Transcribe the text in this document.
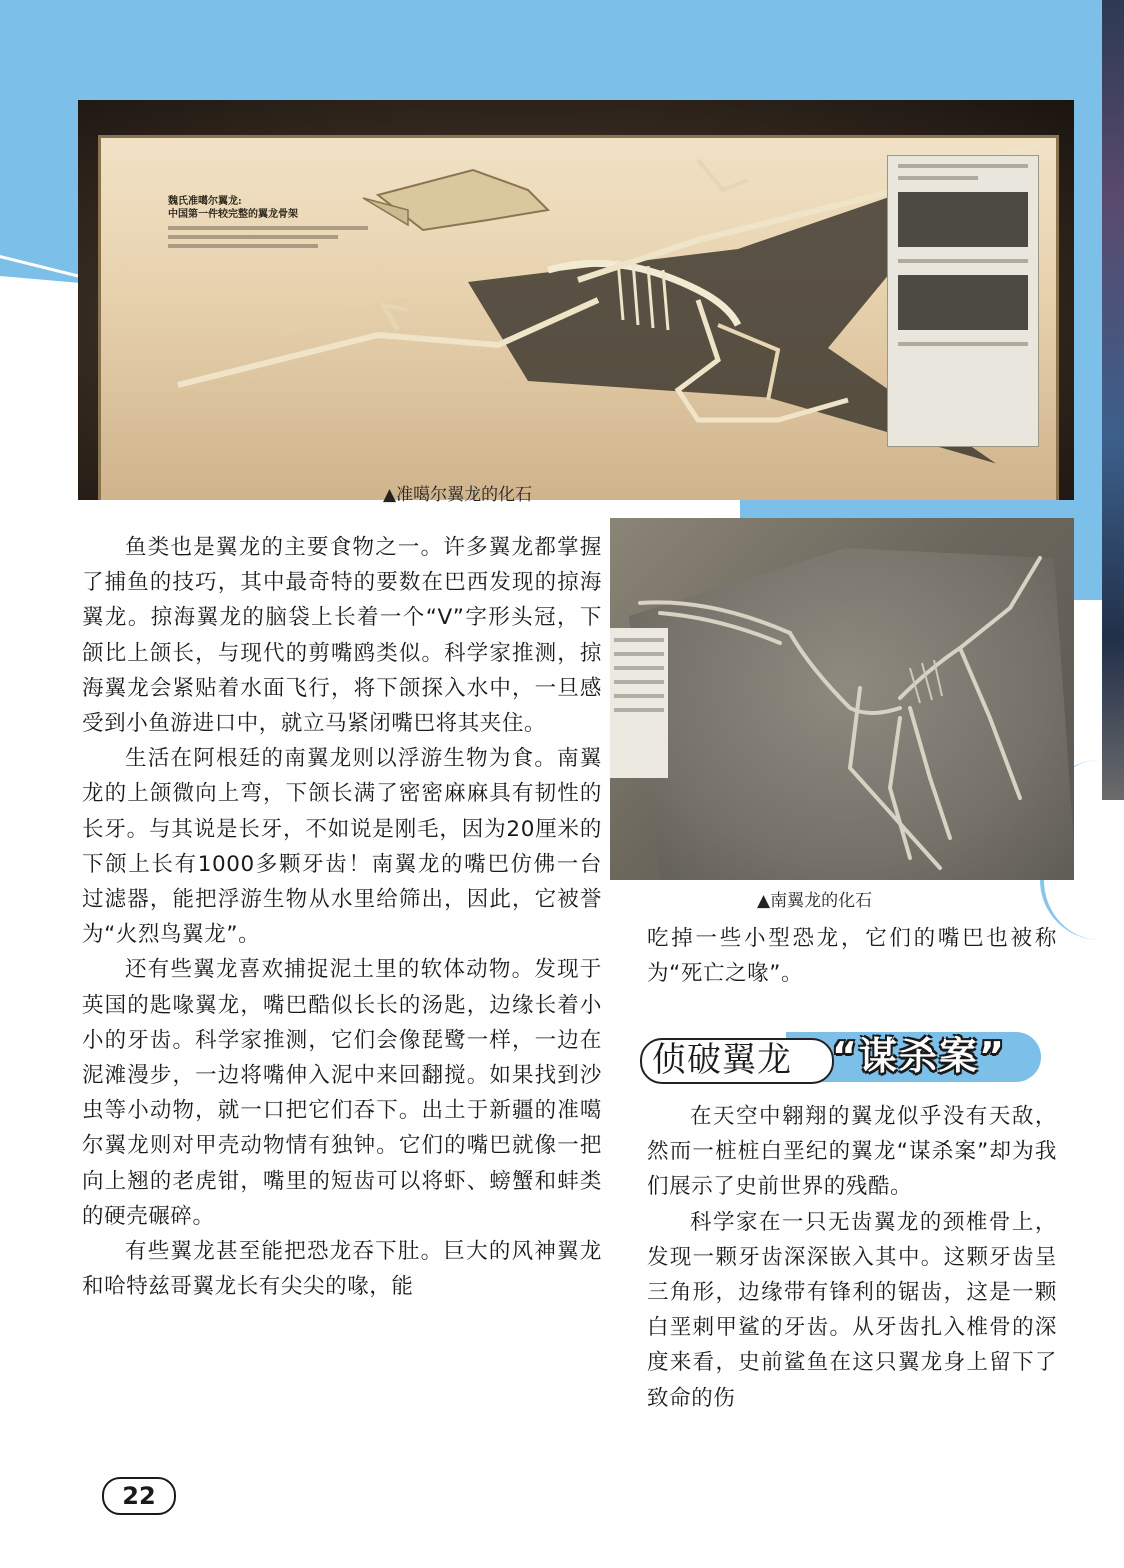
魏氏准噶尔翼龙:
中国第一件较完整的翼龙骨架
▲准噶尔翼龙的化石
▲南翼龙的化石

鱼类也是翼龙的主要食物之一。许多翼龙都掌握了捕鱼的技巧，其中最奇特的要数在巴西发现的掠海翼龙。掠海翼龙的脑袋上长着一个“V”字形头冠，下颌比上颌长，与现代的剪嘴鸥类似。科学家推测，掠海翼龙会紧贴着水面飞行，将下颌探入水中，一旦感受到小鱼游进口中，就立马紧闭嘴巴将其夹住。

生活在阿根廷的南翼龙则以浮游生物为食。南翼龙的上颌微向上弯，下颌长满了密密麻麻具有韧性的长牙。与其说是长牙，不如说是刚毛，因为20厘米的下颌上长有1000多颗牙齿！南翼龙的嘴巴仿佛一台过滤器，能把浮游生物从水里给筛出，因此，它被誉为“火烈鸟翼龙”。

还有些翼龙喜欢捕捉泥土里的软体动物。发现于英国的匙喙翼龙，嘴巴酷似长长的汤匙，边缘长着小小的牙齿。科学家推测，它们会像琵鹭一样，一边在泥滩漫步，一边将嘴伸入泥中来回翻搅。如果找到沙虫等小动物，就一口把它们吞下。出土于新疆的准噶尔翼龙则对甲壳动物情有独钟。它们的嘴巴就像一把向上翘的老虎钳，嘴里的短齿可以将虾、螃蟹和蚌类的硬壳碾碎。

有些翼龙甚至能把恐龙吞下肚。巨大的风神翼龙和哈特兹哥翼龙长有尖尖的喙，能

吃掉一些小型恐龙，它们的嘴巴也被称为“死亡之喙”。

侦破翼龙 “谋杀案”

在天空中翱翔的翼龙似乎没有天敌，然而一桩桩白垩纪的翼龙“谋杀案”却为我们展示了史前世界的残酷。

科学家在一只无齿翼龙的颈椎骨上，发现一颗牙齿深深嵌入其中。这颗牙齿呈三角形，边缘带有锋利的锯齿，这是一颗白垩刺甲鲨的牙齿。从牙齿扎入椎骨的深度来看，史前鲨鱼在这只翼龙身上留下了致命的伤

22
